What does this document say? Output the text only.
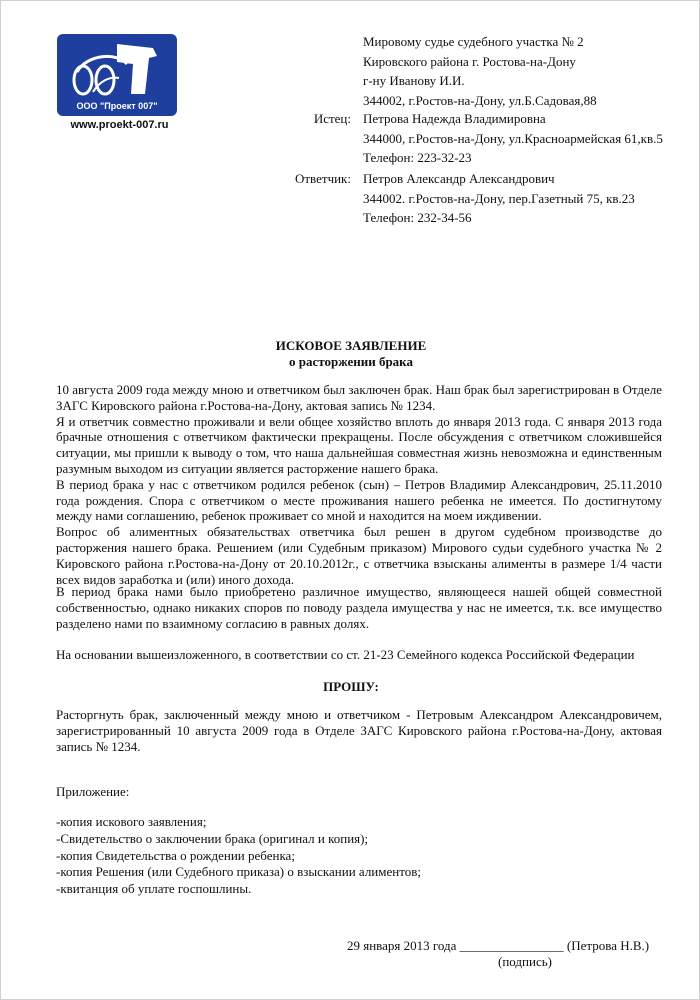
ООО "Проект 007"
www.proekt-007.ru
Мировому судье судебного участка № 2
Кировского района г. Ростова-на-Дону
г-ну Иванову И.И.
344002, г.Ростов-на-Дону, ул.Б.Садовая,88
Истец: Петрова Надежда Владимировна
344000, г.Ростов-на-Дону, ул.Красноармейская 61,кв.5
Телефон: 223-32-23
Ответчик: Петров Александр Александрович
344002. г.Ростов-на-Дону, пер.Газетный 75, кв.23
Телефон: 232-34-56
ИСКОВОЕ ЗАЯВЛЕНИЕ
о расторжении брака

10 августа 2009 года между мною и ответчиком был заключен брак. Наш брак был зарегистрирован в Отделе ЗАГС Кировского района г.Ростова-на-Дону, актовая запись № 1234.

Я и ответчик совместно проживали и вели общее хозяйство вплоть до января 2013 года. С января 2013 года брачные отношения с ответчиком фактически прекращены. После обсуждения с ответчиком сложившейся ситуации, мы пришли к выводу о том, что наша дальнейшая совместная жизнь невозможна и единственным разумным выходом из ситуации является расторжение нашего брака.

В период брака у нас с ответчиком родился ребенок (сын) – Петров Владимир Александрович, 25.11.2010 года рождения. Спора с ответчиком о месте проживания нашего ребенка не имеется. По достигнутому между нами соглашению, ребенок проживает со мной и находится на моем иждивении.

Вопрос об алиментных обязательствах ответчика был решен в другом судебном производстве до расторжения нашего брака. Решением (или Судебным приказом) Мирового судьи судебного участка № 2 Кировского района г.Ростова-на-Дону от 20.10.2012г., с ответчика взысканы алименты в размере 1/4 части всех видов заработка и (или) иного дохода.

В период брака нами было приобретено различное имущество, являющееся нашей общей совместной собственностью, однако никаких споров по поводу раздела имущества у нас не имеется, т.к. все имущество разделено нами по взаимному согласию в равных долях.
На основании вышеизложенного, в соответствии со ст. 21-23 Семейного кодекса Российской Федерации
ПРОШУ:
Расторгнуть брак, заключенный между мною и ответчиком - Петровым Александром Александровичем, зарегистрированный 10 августа 2009 года в Отделе ЗАГС Кировского района г.Ростова-на-Дону, актовая запись № 1234.
Приложение:
-копия искового заявления;
-Свидетельство о заключении брака (оригинал и копия);
-копия Свидетельства о рождении ребенка;
-копия Решения (или Судебного приказа) о взыскании алиментов;
-квитанция об уплате госпошлины.
29 января 2013 года ________________ (Петрова Н.В.)
(подпись)
